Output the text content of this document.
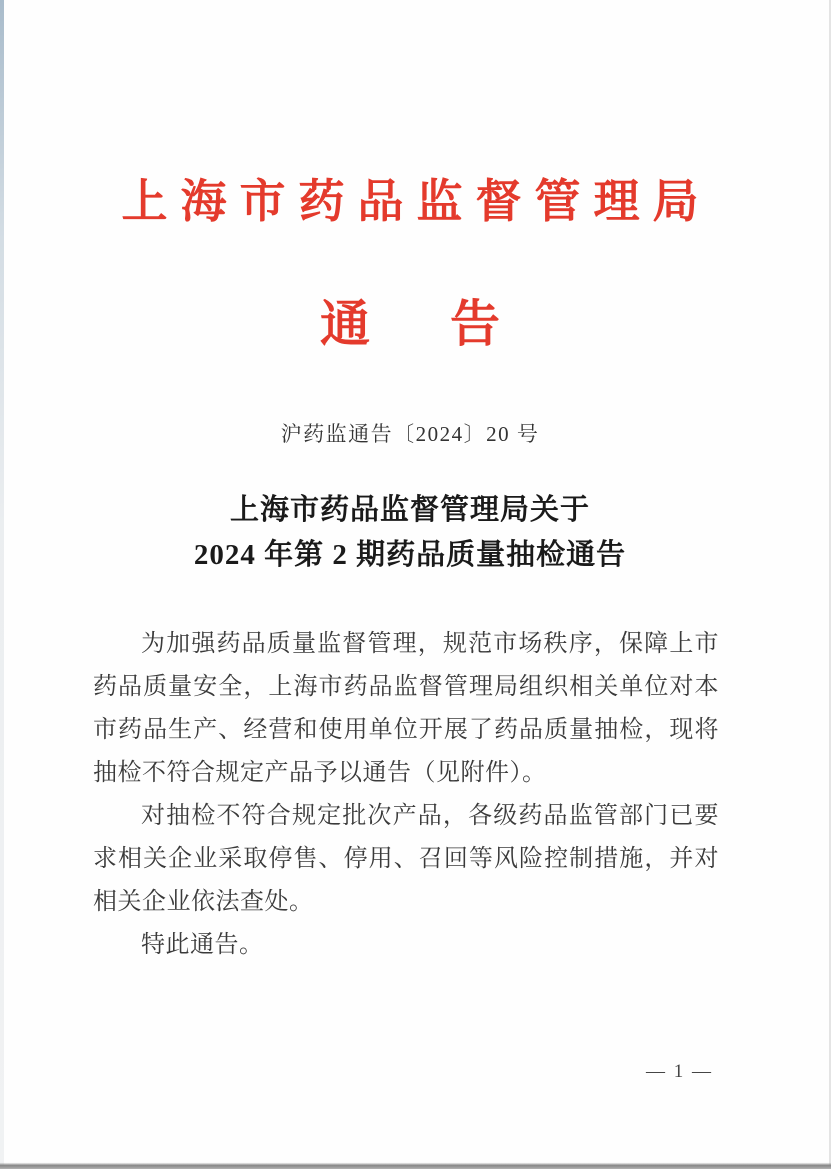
上海市药品监督管理局
通　告
沪药监通告〔2024〕20 号
上海市药品监督管理局关于
2024 年第 2 期药品质量抽检通告

为加强药品质量监督管理，规范市场秩序，保障上市药品质量安全，上海市药品监督管理局组织相关单位对本市药品生产、经营和使用单位开展了药品质量抽检，现将抽检不符合规定产品予以通告（见附件）。

对抽检不符合规定批次产品，各级药品监管部门已要求相关企业采取停售、停用、召回等风险控制措施，并对相关企业依法查处。

特此通告。

— 1 —
